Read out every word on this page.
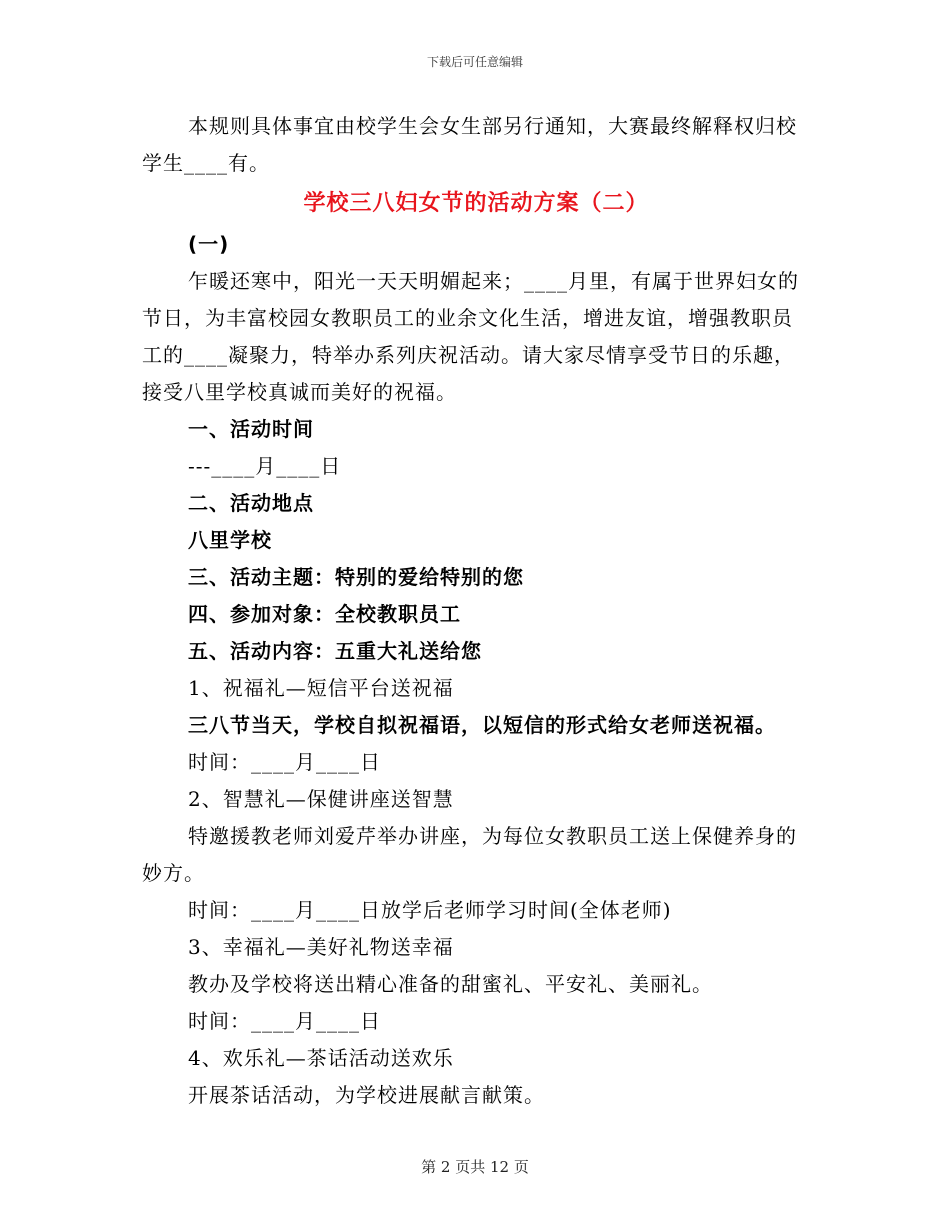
下载后可任意编辑

本规则具体事宜由校学生会女生部另行通知，大赛最终解释权归校学生____有。

学校三八妇女节的活动方案（二）

(一)

乍暖还寒中，阳光一天天明媚起来；____月里，有属于世界妇女的节日，为丰富校园女教职员工的业余文化生活，增进友谊，增强教职员工的____凝聚力，特举办系列庆祝活动。请大家尽情享受节日的乐趣，接受八里学校真诚而美好的祝福。

一、活动时间

---____月____日

二、活动地点

八里学校

三、活动主题：特别的爱给特别的您

四、参加对象：全校教职员工

五、活动内容：五重大礼送给您

1、祝福礼—短信平台送祝福

三八节当天，学校自拟祝福语，以短信的形式给女老师送祝福。

时间：____月____日

2、智慧礼—保健讲座送智慧

特邀援教老师刘爱芹举办讲座，为每位女教职员工送上保健养身的妙方。

时间：____月____日放学后老师学习时间(全体老师)

3、幸福礼—美好礼物送幸福

教办及学校将送出精心准备的甜蜜礼、平安礼、美丽礼。

时间：____月____日

4、欢乐礼—茶话活动送欢乐

开展茶话活动，为学校进展献言献策。

第 2 页共 12 页
